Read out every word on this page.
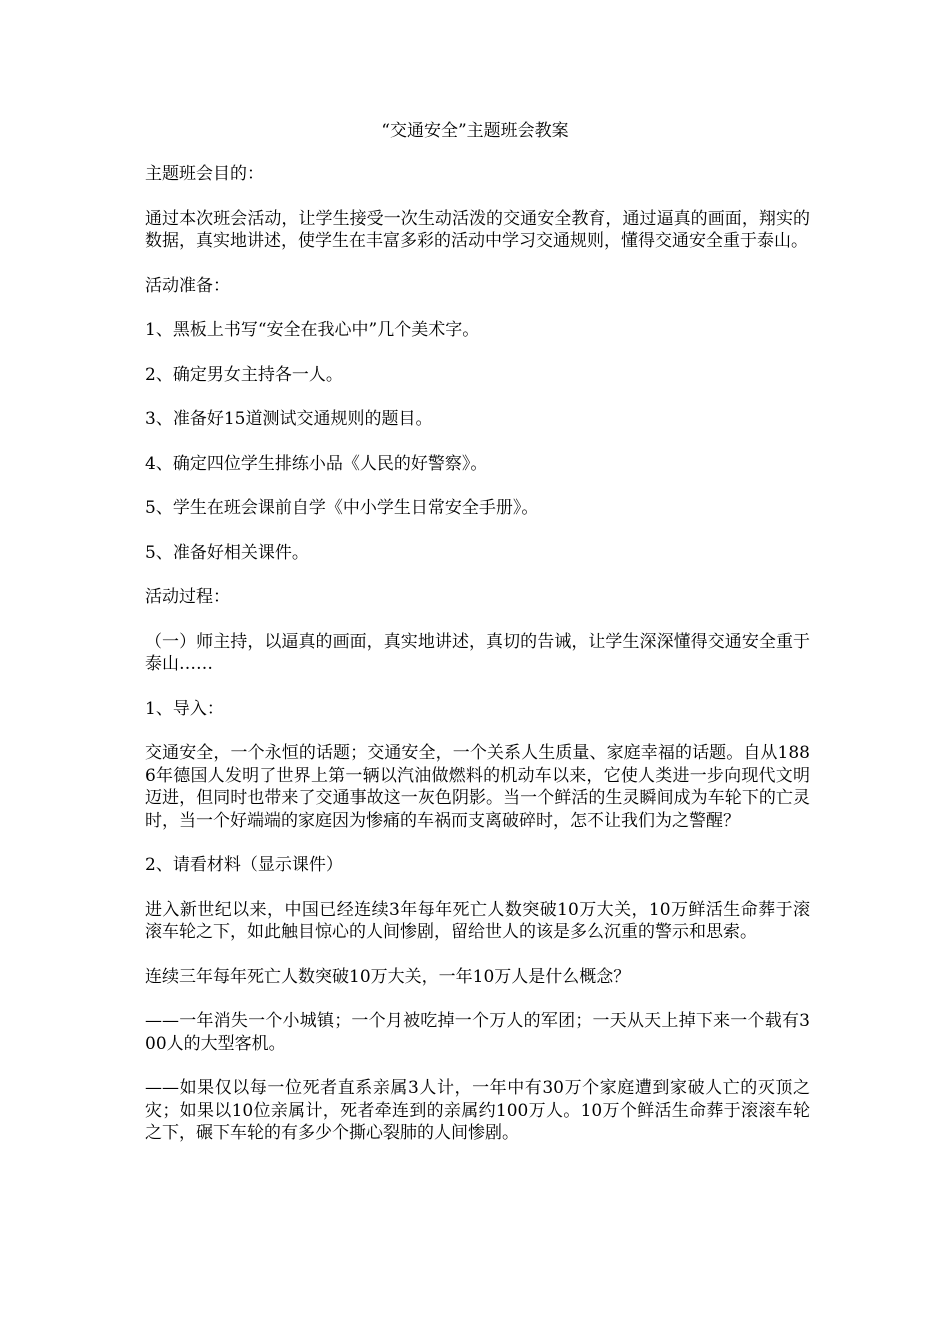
“交通安全”主题班会教案

主题班会目的：

通过本次班会活动，让学生接受一次生动活泼的交通安全教育，通过逼真的画面，翔实的数据，真实地讲述，使学生在丰富多彩的活动中学习交通规则，懂得交通安全重于泰山。

活动准备：

1、黑板上书写“安全在我心中”几个美术字。

2、确定男女主持各一人。

3、准备好15道测试交通规则的题目。

4、确定四位学生排练小品《人民的好警察》。

5、学生在班会课前自学《中小学生日常安全手册》。

5、准备好相关课件。

活动过程：

（一）师主持，以逼真的画面，真实地讲述，真切的告诫，让学生深深懂得交通安全重于泰山……

1、导入：

交通安全，一个永恒的话题；交通安全，一个关系人生质量、家庭幸福的话题。自从1886年德国人发明了世界上第一辆以汽油做燃料的机动车以来，它使人类进一步向现代文明迈进，但同时也带来了交通事故这一灰色阴影。当一个鲜活的生灵瞬间成为车轮下的亡灵时，当一个好端端的家庭因为惨痛的车祸而支离破碎时，怎不让我们为之警醒？

2、请看材料（显示课件）

进入新世纪以来，中国已经连续3年每年死亡人数突破10万大关，10万鲜活生命葬于滚滚车轮之下，如此触目惊心的人间惨剧，留给世人的该是多么沉重的警示和思索。

连续三年每年死亡人数突破10万大关，一年10万人是什么概念？

——一年消失一个小城镇；一个月被吃掉一个万人的军团；一天从天上掉下来一个载有300人的大型客机。

——如果仅以每一位死者直系亲属3人计，一年中有30万个家庭遭到家破人亡的灭顶之灾；如果以10位亲属计，死者牵连到的亲属约100万人。10万个鲜活生命葬于滚滚车轮之下，碾下车轮的有多少个撕心裂肺的人间惨剧。
